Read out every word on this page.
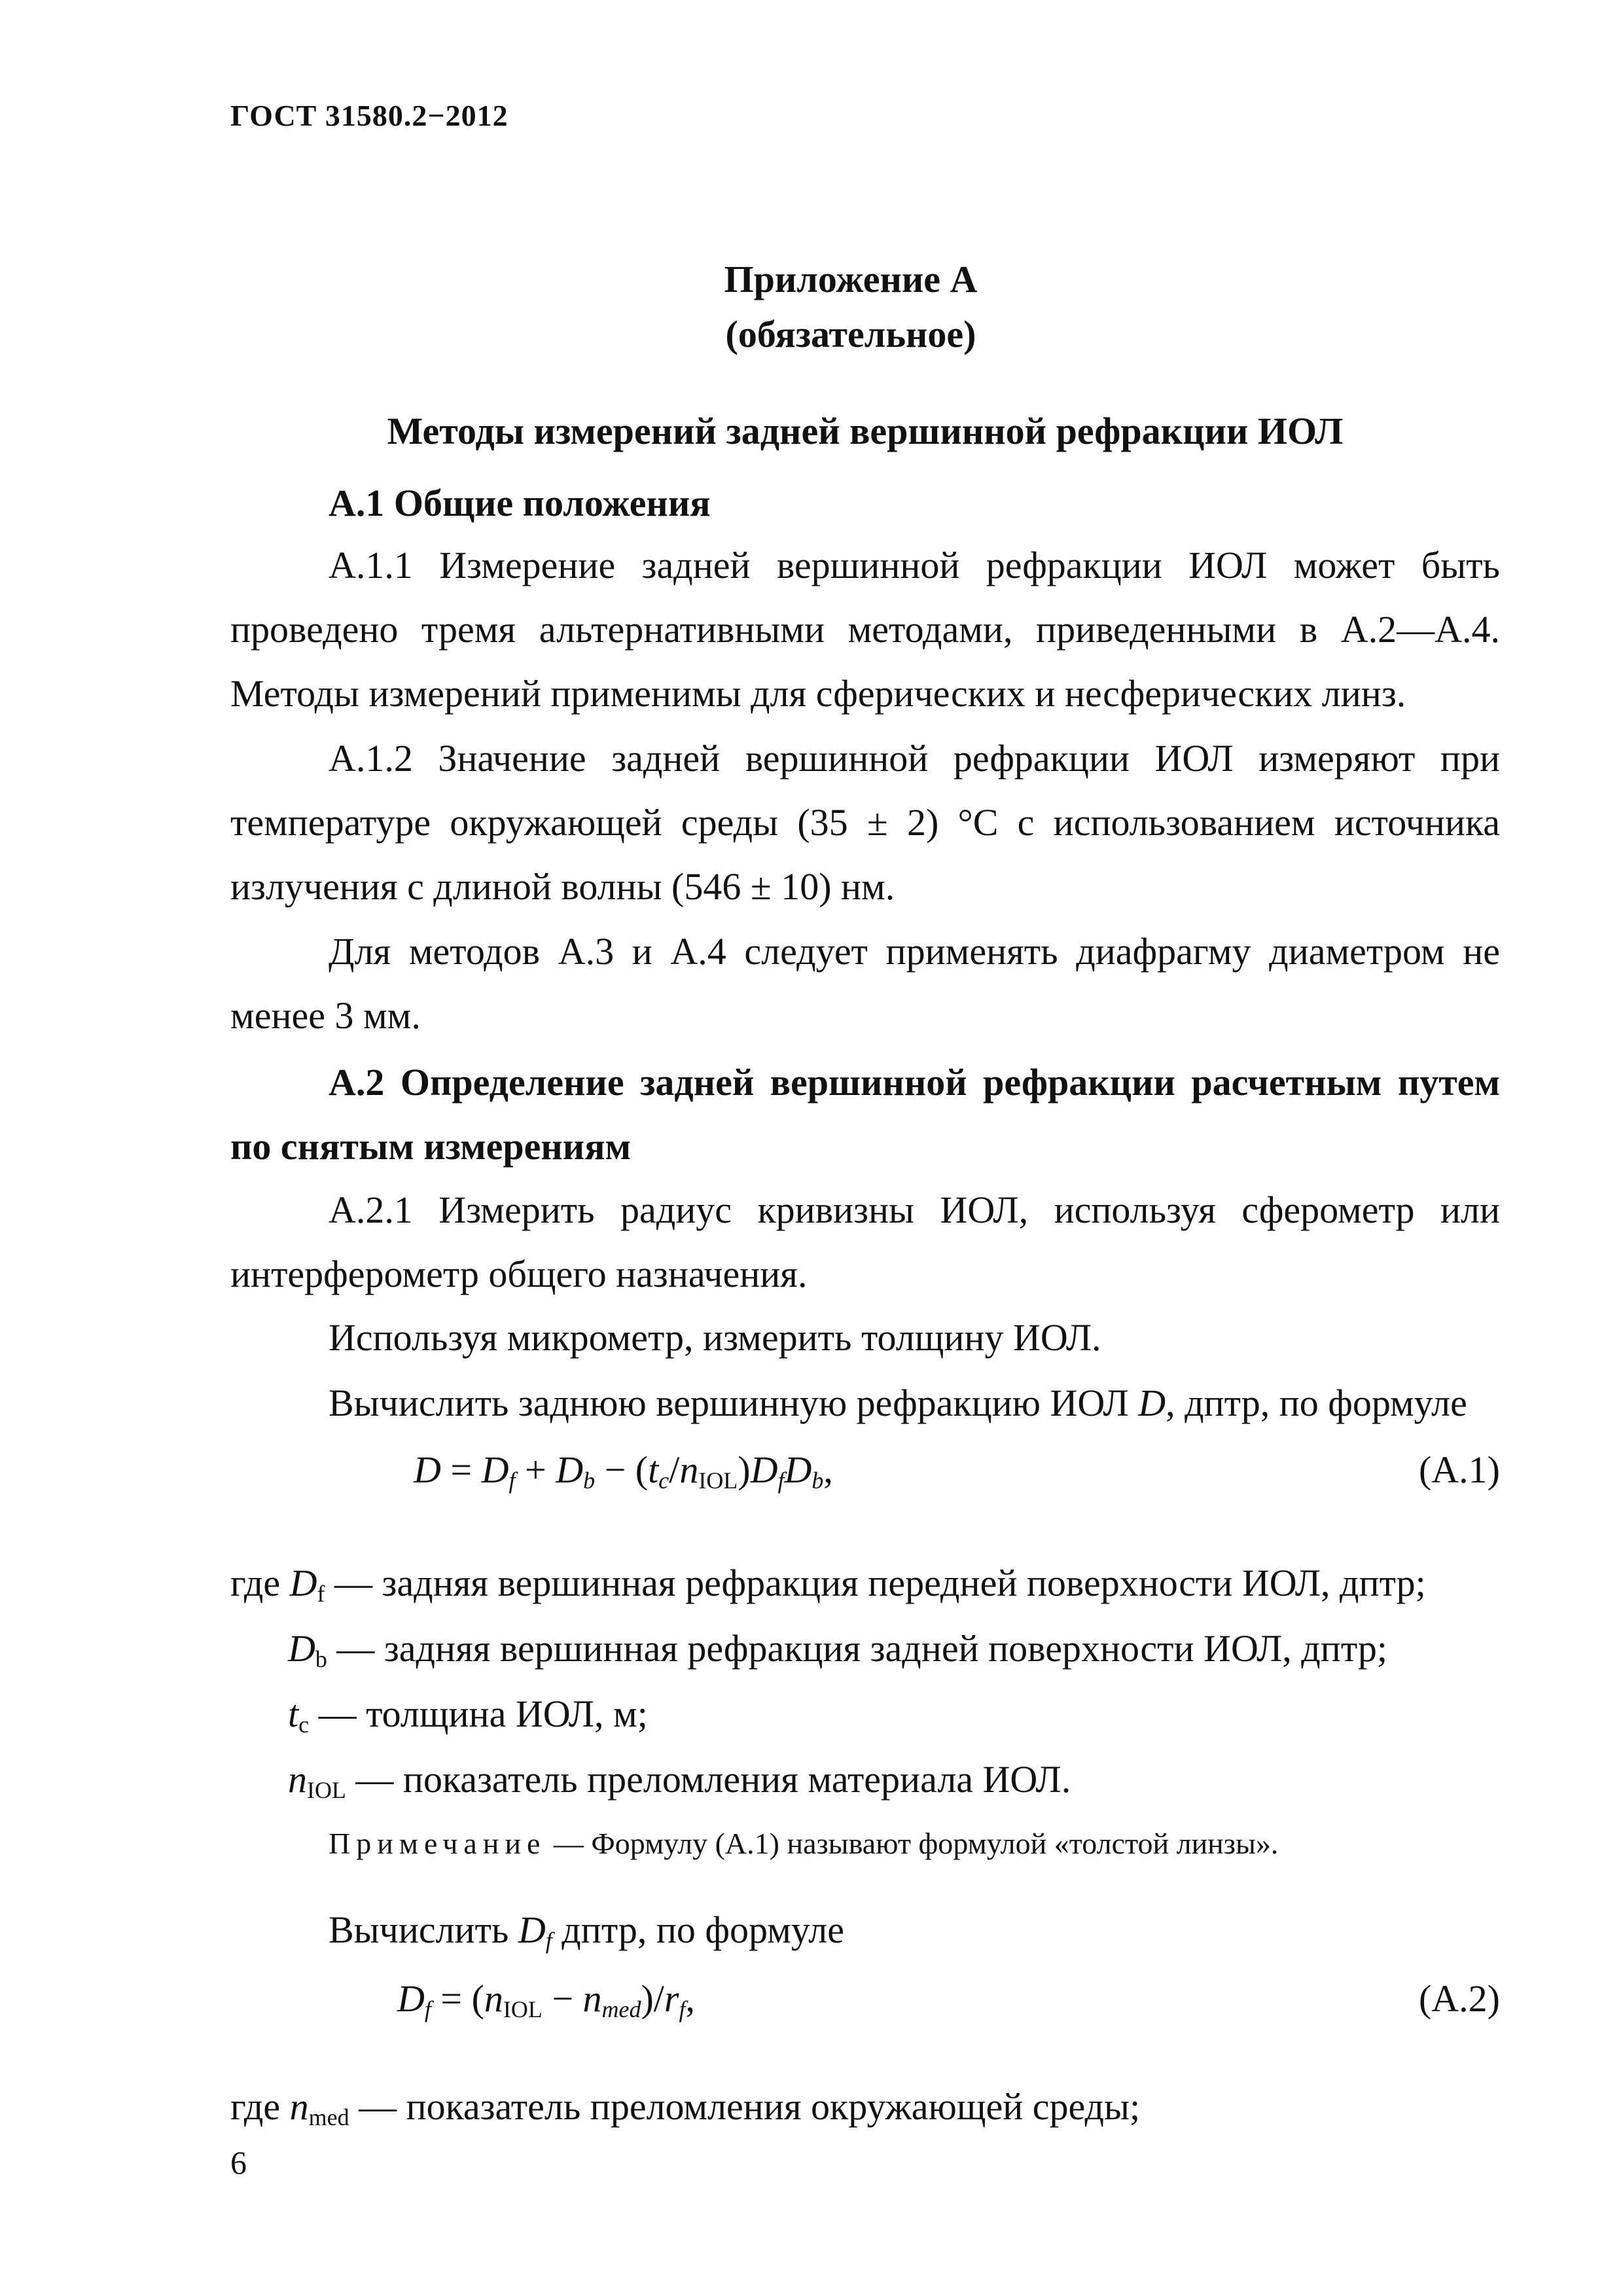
ГОСТ 31580.2−2012
Приложение А
(обязательное)
Методы измерений задней вершинной рефракции ИОЛ
А.1 Общие положения
А.1.1 Измерение задней вершинной рефракции ИОЛ может быть проведено тремя альтернативными методами, приведенными в А.2—А.4. Методы измерений применимы для сферических и несферических линз.
А.1.2 Значение задней вершинной рефракции ИОЛ измеряют при температуре окружающей среды (35 ± 2) °С с использованием источника излучения с длиной волны (546 ± 10) нм.
Для методов А.3 и А.4 следует применять диафрагму диаметром не менее 3 мм.
А.2 Определение задней вершинной рефракции расчетным путем по снятым измерениям
А.2.1 Измерить радиус кривизны ИОЛ, используя сферометр или интерферометр общего назначения.
Используя микрометр, измерить толщину ИОЛ.
Вычислить заднюю вершинную рефракцию ИОЛ D, дптр, по формуле
$D = D_f + D_b - (t_c/n_{IOL})D_fD_b$,	(А.1)
где $D_f$ — задняя вершинная рефракция передней поверхности ИОЛ, дптр;
$D_b$ — задняя вершинная рефракция задней поверхности ИОЛ, дптр;
$t_c$ — толщина ИОЛ, м;
$n_{IOL}$ — показатель преломления материала ИОЛ.
Примечание — Формулу (А.1) называют формулой «толстой линзы».
Вычислить $D_f$ дптр, по формуле
$D_f = (n_{IOL} - n_{med})/r_f$,	(А.2)
где $n_{med}$ — показатель преломления окружающей среды;
6
